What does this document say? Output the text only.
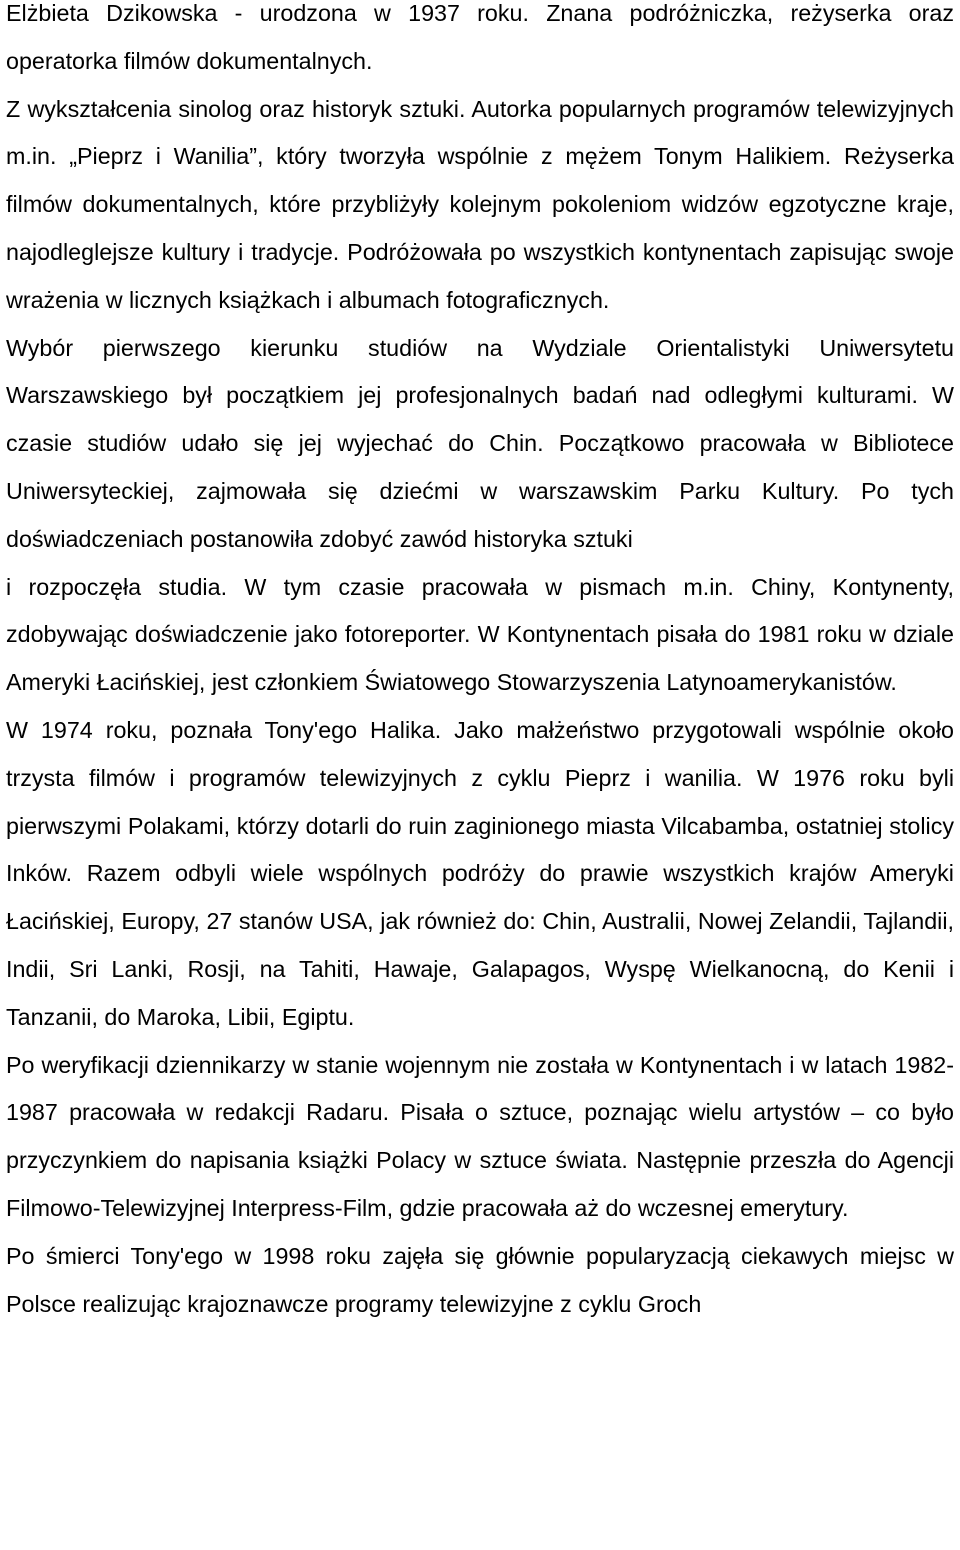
Elżbieta Dzikowska - urodzona w 1937 roku. Znana podróżniczka, reżyserka oraz operatorka filmów dokumentalnych.

Z wykształcenia sinolog oraz historyk sztuki. Autorka popularnych programów telewizyjnych m.in. „Pieprz i Wanilia”, który tworzyła wspólnie z mężem Tonym Halikiem. Reżyserka filmów dokumentalnych, które przybliżyły kolejnym pokoleniom widzów egzotyczne kraje, najodleglejsze kultury i tradycje. Podróżowała po wszystkich kontynentach zapisując swoje wrażenia w licznych książkach i albumach fotograficznych.

Wybór pierwszego kierunku studiów na Wydziale Orientalistyki Uniwersytetu Warszawskiego był początkiem jej profesjonalnych badań nad odległymi kulturami. W czasie studiów udało się jej wyjechać do Chin. Początkowo pracowała w Bibliotece Uniwersyteckiej, zajmowała się dziećmi w warszawskim Parku Kultury. Po tych doświadczeniach postanowiła zdobyć zawód historyka sztuki

i rozpoczęła studia. W tym czasie pracowała w pismach m.in. Chiny, Kontynenty, zdobywając doświadczenie jako fotoreporter. W Kontynentach pisała do 1981 roku w dziale Ameryki Łacińskiej, jest członkiem Światowego Stowarzyszenia Latynoamerykanistów.

W 1974 roku, poznała Tony'ego Halika. Jako małżeństwo przygotowali wspólnie około trzysta filmów i programów telewizyjnych z cyklu Pieprz i wanilia. W 1976 roku byli pierwszymi Polakami, którzy dotarli do ruin zaginionego miasta Vilcabamba, ostatniej stolicy Inków. Razem odbyli wiele wspólnych podróży do prawie wszystkich krajów Ameryki Łacińskiej, Europy, 27 stanów USA, jak również do: Chin, Australii, Nowej Zelandii, Tajlandii, Indii, Sri Lanki, Rosji, na Tahiti, Hawaje, Galapagos, Wyspę Wielkanocną, do Kenii i Tanzanii, do Maroka, Libii, Egiptu.

Po weryfikacji dziennikarzy w stanie wojennym nie została w Kontynentach i w latach 1982-1987 pracowała w redakcji Radaru. Pisała o sztuce, poznając wielu artystów – co było przyczynkiem do napisania książki Polacy w sztuce świata. Następnie przeszła do Agencji Filmowo-Telewizyjnej Interpress-Film, gdzie pracowała aż do wczesnej emerytury.

Po śmierci Tony'ego w 1998 roku zajęła się głównie popularyzacją ciekawych miejsc w Polsce realizując krajoznawcze programy telewizyjne z cyklu Groch
